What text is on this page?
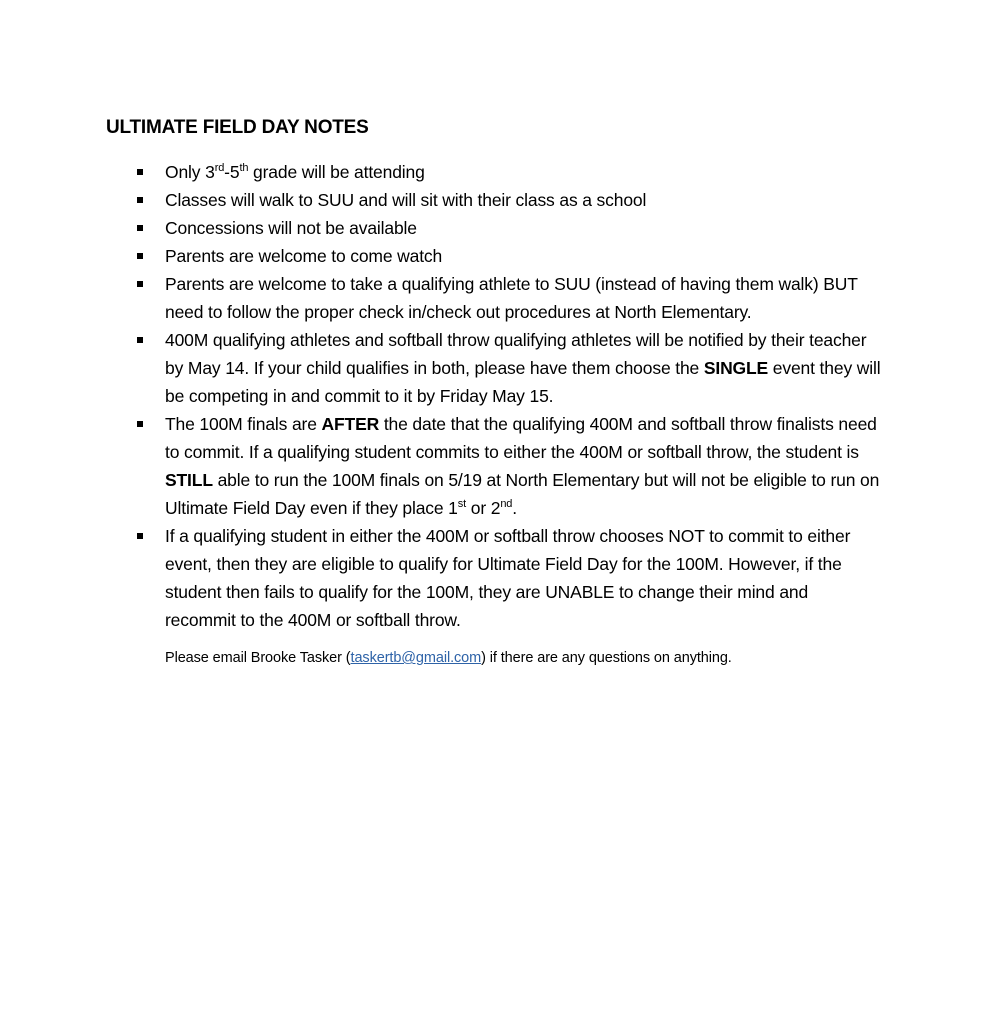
ULTIMATE FIELD DAY NOTES
Only 3rd-5th grade will be attending
Classes will walk to SUU and will sit with their class as a school
Concessions will not be available
Parents are welcome to come watch
Parents are welcome to take a qualifying athlete to SUU (instead of having them walk) BUT need to follow the proper check in/check out procedures at North Elementary.
400M qualifying athletes and softball throw qualifying athletes will be notified by their teacher by May 14. If your child qualifies in both, please have them choose the SINGLE event they will be competing in and commit to it by Friday May 15.
The 100M finals are AFTER the date that the qualifying 400M and softball throw finalists need to commit. If a qualifying student commits to either the 400M or softball throw, the student is STILL able to run the 100M finals on 5/19 at North Elementary but will not be eligible to run on Ultimate Field Day even if they place 1st or 2nd.
If a qualifying student in either the 400M or softball throw chooses NOT to commit to either event, then they are eligible to qualify for Ultimate Field Day for the 100M. However, if the student then fails to qualify for the 100M, they are UNABLE to change their mind and recommit to the 400M or softball throw.

Please email Brooke Tasker (taskertb@gmail.com) if there are any questions on anything.
